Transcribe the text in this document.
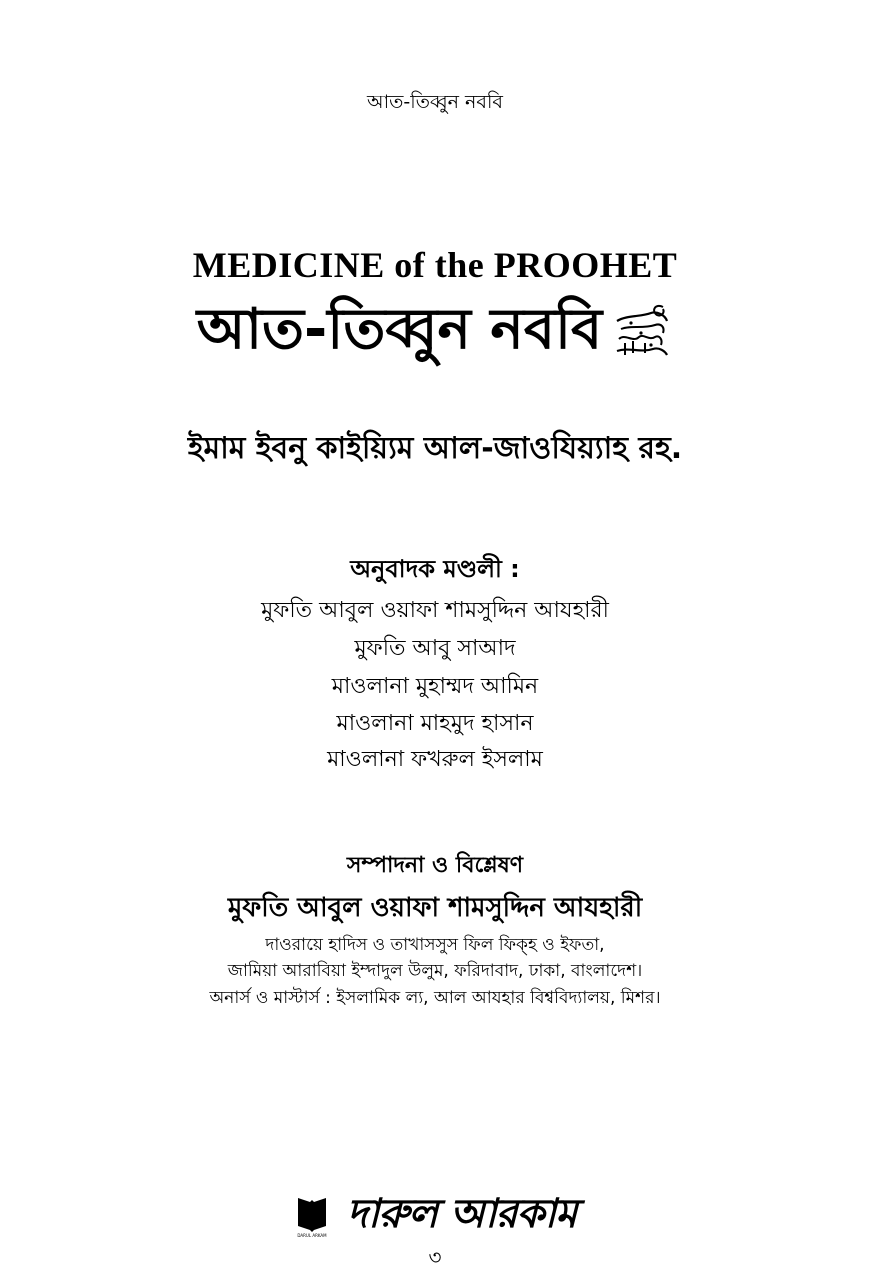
আত-তিব্বুন নববি
MEDICINE of the PROOHET
আত-তিব্বুন নববি
ইমাম ইবনু কাইয়্যিম আল-জাওযিয়্যাহ রহ.
অনুবাদক মণ্ডলী :
মুফতি আবুল ওয়াফা শামসুদ্দিন আযহারী
মুফতি আবু সাআদ
মাওলানা মুহাম্মদ আমিন
মাওলানা মাহমুদ হাসান
মাওলানা ফখরুল ইসলাম
সম্পাদনা ও বিশ্লেষণ
মুফতি আবুল ওয়াফা শামসুদ্দিন আযহারী
দাওরায়ে হাদিস ও তাখাসসুস ফিল ফিক্হ ও ইফতা,
জামিয়া আরাবিয়া ইম্দাদুল উলুম, ফরিদাবাদ, ঢাকা, বাংলাদেশ।
অনার্স ও মাস্টার্স : ইসলামিক ল্য, আল আযহার বিশ্ববিদ্যালয়, মিশর।
DARUL ARKAM দারুল আরকাম
৩
